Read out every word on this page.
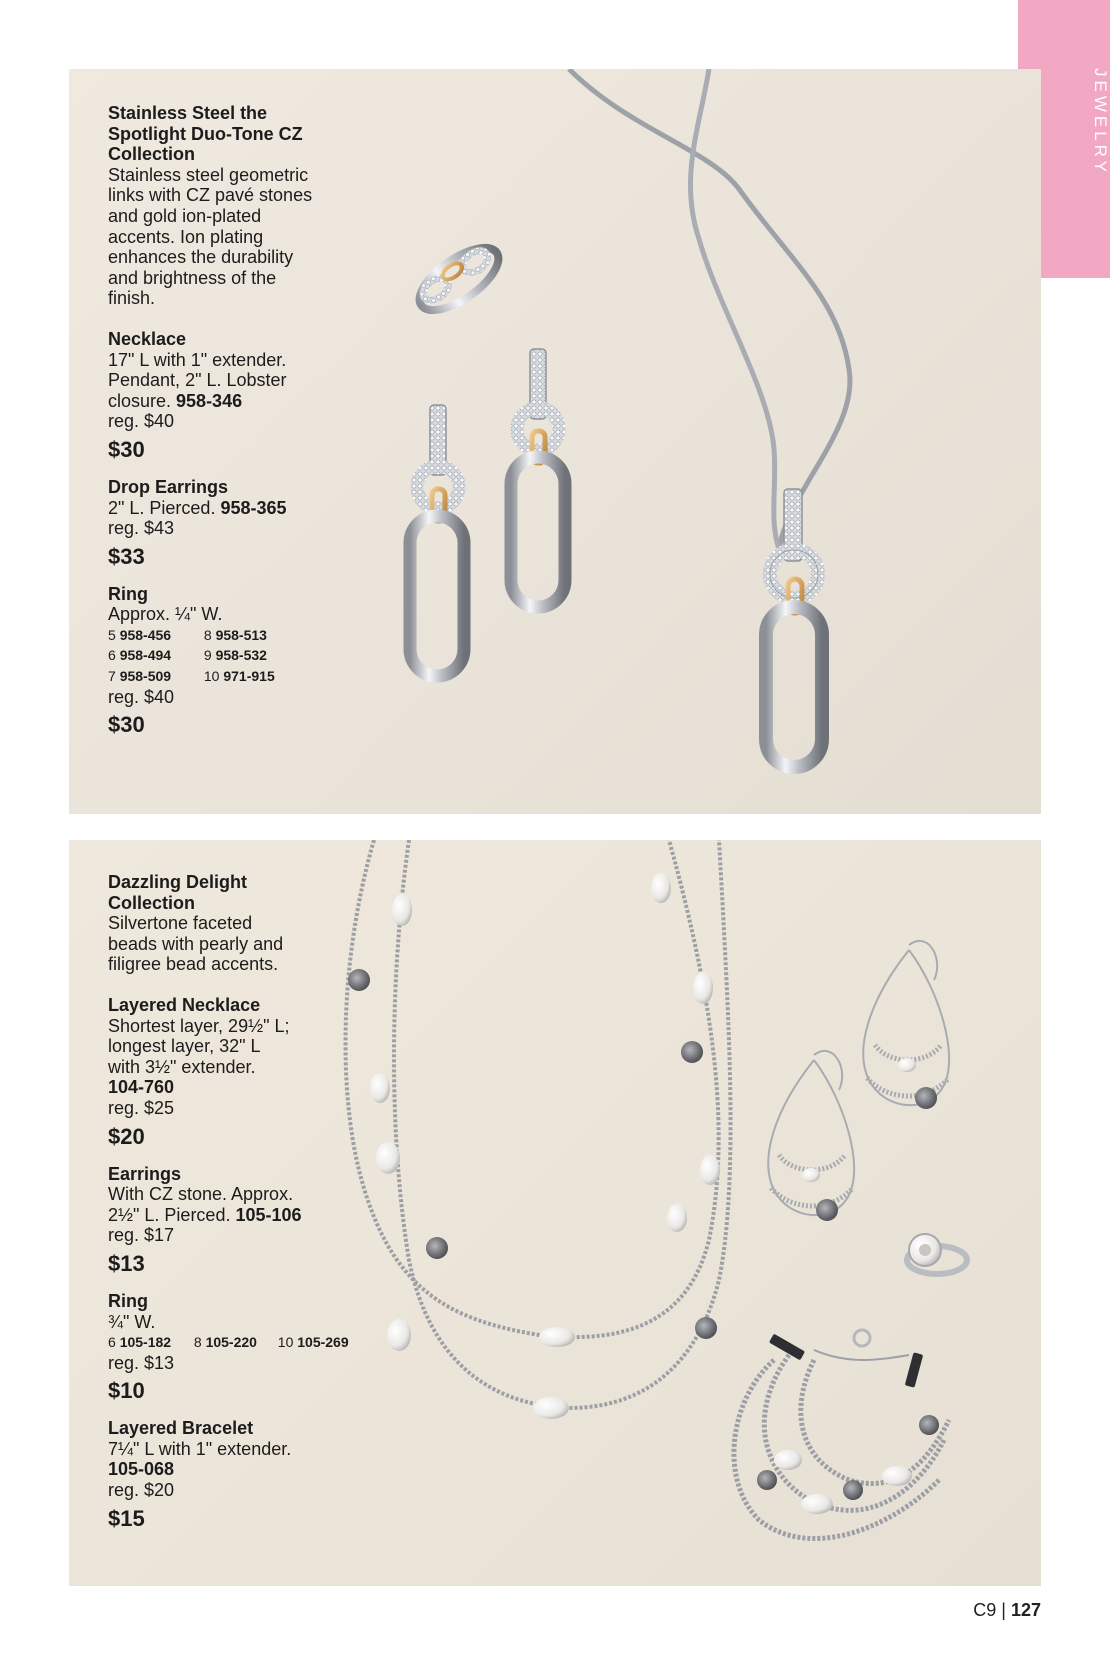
JEWELRY
Stainless Steel the
Spotlight Duo-Tone CZ
Collection
Stainless steel geometric
links with CZ pavé stones
and gold ion-plated
accents. Ion plating
enhances the durability
and brightness of the
finish.
Necklace
17" L with 1" extender.
Pendant, 2" L. Lobster
closure. 958-346
reg. $40
$30
Drop Earrings
2" L. Pierced. 958-365
reg. $43
$33
Ring
Approx. ¼" W.
5 958-456 8 958-513
6 958-494 9 958-532
7 958-509 10 971-915
reg. $40
$30
Dazzling Delight
Collection
Silvertone faceted
beads with pearly and
filigree bead accents.
Layered Necklace
Shortest layer, 29½" L;
longest layer, 32" L
with 3½" extender.
104-760
reg. $25
$20
Earrings
With CZ stone. Approx.
2½" L. Pierced. 105-106
reg. $17
$13
Ring
¾" W.
6 105-182 8 105-220 10 105-269
reg. $13
$10
Layered Bracelet
7¼" L with 1" extender.
105-068
reg. $20
$15
C9 | 127
